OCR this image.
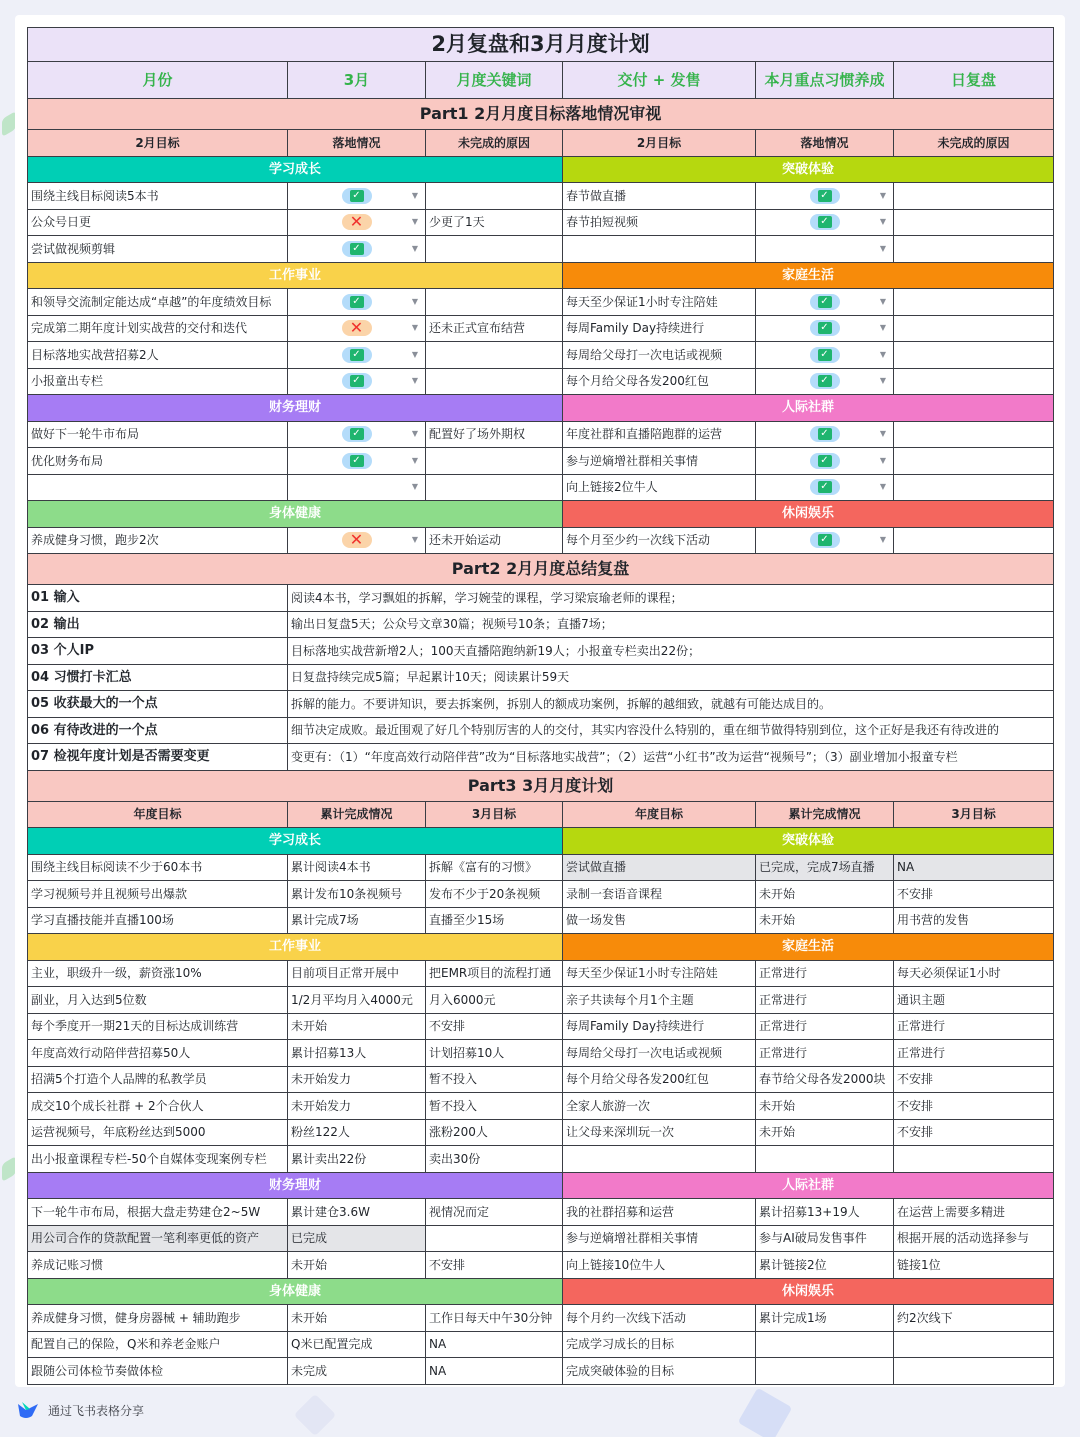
2月复盘和3月月度计划					
月份	3月	月度关键词	交付 + 发售	本月重点习惯养成	日复盘
Part1 2月月度目标落地情况审视					
2月目标	落地情况	未完成的原因	2月目标	落地情况	未完成的原因
学习成长			突破体验		
围绕主线目标阅读5本书	✓ ▼		春节做直播	✓ ▼	

公众号日更	✕ ▼	少更了1天	春节拍短视频	✓ ▼	

尝试做视频剪辑	✓ ▼			▼	

工作事业			家庭生活		
和领导交流制定能达成“卓越”的年度绩效目标	✓ ▼		每天至少保证1小时专注陪娃	✓ ▼	

完成第二期年度计划实战营的交付和迭代	✕ ▼	还未正式宣布结营	每周Family Day持续进行	✓ ▼	

目标落地实战营招募2人	✓ ▼		每周给父母打一次电话或视频	✓ ▼	

小报童出专栏	✓ ▼		每个月给父母各发200红包	✓ ▼	

财务理财			人际社群		
做好下一轮牛市布局	✓ ▼	配置好了场外期权	年度社群和直播陪跑群的运营	✓ ▼	

优化财务布局	✓ ▼		参与逆熵增社群相关事情	✓ ▼	

	▼		向上链接2位牛人	✓ ▼	

身体健康			休闲娱乐		
养成健身习惯，跑步2次	✕ ▼	还未开始运动	每个月至少约一次线下活动	✓ ▼	

Part2 2月月度总结复盘					
01 输入	阅读4本书，学习飘姐的拆解，学习婉莹的课程，学习梁宸瑜老师的课程；				
02 输出	输出日复盘5天；公众号文章30篇；视频号10条；直播7场；				
03 个人IP	目标落地实战营新增2人；100天直播陪跑纳新19人；小报童专栏卖出22份；				
04 习惯打卡汇总	日复盘持续完成5篇；早起累计10天；阅读累计59天				
05 收获最大的一个点	拆解的能力。不要讲知识，要去拆案例，拆别人的额成功案例，拆解的越细致，就越有可能达成目的。				
06 有待改进的一个点	细节决定成败。最近围观了好几个特别厉害的人的交付，其实内容没什么特别的，重在细节做得特别到位，这个正好是我还有待改进的				
07 检视年度计划是否需要变更	变更有：（1）“年度高效行动陪伴营”改为“目标落地实战营”；（2）运营“小红书”改为运营“视频号”；（3）副业增加小报童专栏				
Part3 3月月度计划					
年度目标	累计完成情况	3月目标	年度目标	累计完成情况	3月目标
学习成长			突破体验		
围绕主线目标阅读不少于60本书	累计阅读4本书	拆解《富有的习惯》	尝试做直播	已完成，完成7场直播	NA
学习视频号并且视频号出爆款	累计发布10条视频号	发布不少于20条视频	录制一套语音课程	未开始	不安排
学习直播技能并直播100场	累计完成7场	直播至少15场	做一场发售	未开始	用书营的发售
工作事业			家庭生活		
主业，职级升一级，薪资涨10%	目前项目正常开展中	把EMR项目的流程打通	每天至少保证1小时专注陪娃	正常进行	每天必须保证1小时
副业，月入达到5位数	1/2月平均月入4000元	月入6000元	亲子共读每个月1个主题	正常进行	通识主题
每个季度开一期21天的目标达成训练营	未开始	不安排	每周Family Day持续进行	正常进行	正常进行
年度高效行动陪伴营招募50人	累计招募13人	计划招募10人	每周给父母打一次电话或视频	正常进行	正常进行
招满5个打造个人品牌的私教学员	未开始发力	暂不投入	每个月给父母各发200红包	春节给父母各发2000块	不安排
成交10个成长社群 + 2个合伙人	未开始发力	暂不投入	全家人旅游一次	未开始	不安排
运营视频号，年底粉丝达到5000	粉丝122人	涨粉200人	让父母来深圳玩一次	未开始	不安排
出小报童课程专栏-50个自媒体变现案例专栏	累计卖出22份	卖出30份			
财务理财			人际社群		
下一轮牛市布局，根据大盘走势建仓2~5W	累计建仓3.6W	视情况而定	我的社群招募和运营	累计招募13+19人	在运营上需要多精进
用公司合作的贷款配置一笔利率更低的资产	已完成		参与逆熵增社群相关事情	参与AI破局发售事件	根据开展的活动选择参与
养成记账习惯	未开始	不安排	向上链接10位牛人	累计链接2位	链接1位
身体健康			休闲娱乐		
养成健身习惯，健身房器械 + 辅助跑步	未开始	工作日每天中午30分钟	每个月约一次线下活动	累计完成1场	约2次线下
配置自己的保险，Q米和养老金账户	Q米已配置完成	NA	完成学习成长的目标		
跟随公司体检节奏做体检	未完成	NA	完成突破体验的目标		
通过飞书表格分享
